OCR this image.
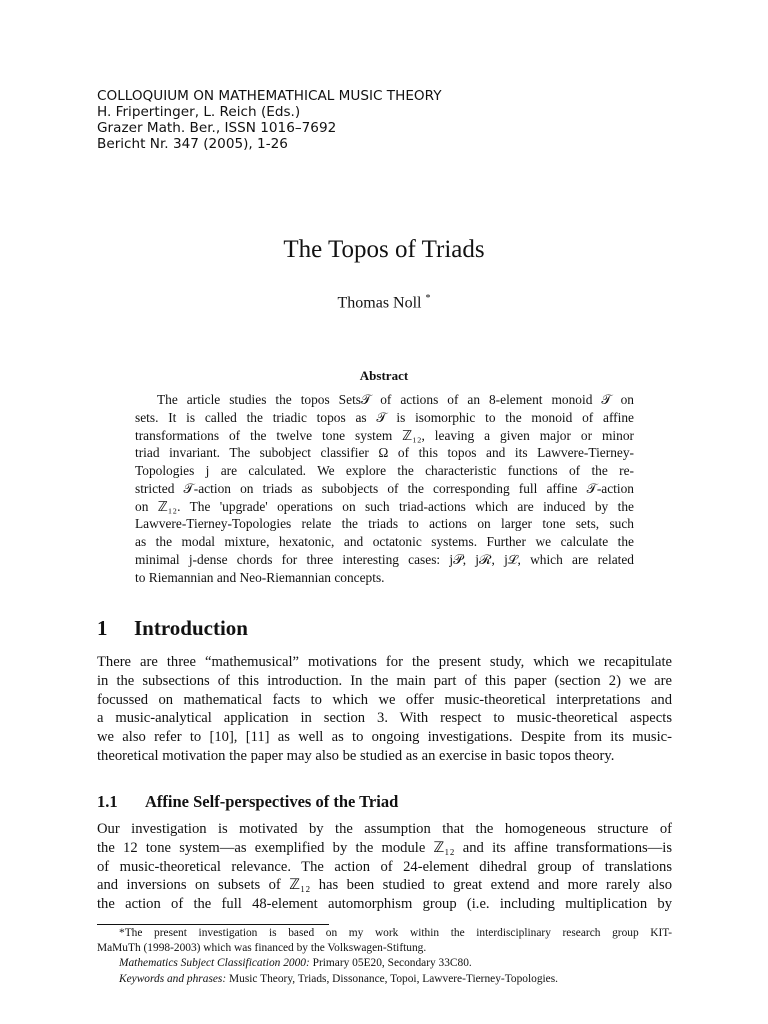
COLLOQUIUM ON MATHEMATHICAL MUSIC THEORY
H. Fripertinger, L. Reich (Eds.)
Grazer Math. Ber., ISSN 1016–7692
Bericht Nr. 347 (2005), 1-26
The Topos of Triads
Thomas Noll *
Abstract
The article studies the topos Sets𝒯 of actions of an 8-element monoid 𝒯 on
sets. It is called the triadic topos as 𝒯 is isomorphic to the monoid of affine
transformations of the twelve tone system ℤ₁₂, leaving a given major or minor
triad invariant. The subobject classifier Ω of this topos and its Lawvere-Tierney-
Topologies j are calculated. We explore the characteristic functions of the re-
stricted 𝒯-action on triads as subobjects of the corresponding full affine 𝒯-action
on ℤ₁₂. The 'upgrade' operations on such triad-actions which are induced by the
Lawvere-Tierney-Topologies relate the triads to actions on larger tone sets, such
as the modal mixture, hexatonic, and octatonic systems. Further we calculate the
minimal j-dense chords for three interesting cases: j𝒫, jℛ, jℒ, which are related
to Riemannian and Neo-Riemannian concepts.
1 Introduction
There are three “mathemusical” motivations for the present study, which we recapitulate
in the subsections of this introduction. In the main part of this paper (section 2) we are
focussed on mathematical facts to which we offer music-theoretical interpretations and
a music-analytical application in section 3. With respect to music-theoretical aspects
we also refer to [10], [11] as well as to ongoing investigations. Despite from its music-
theoretical motivation the paper may also be studied as an exercise in basic topos theory.
1.1 Affine Self-perspectives of the Triad
Our investigation is motivated by the assumption that the homogeneous structure of
the 12 tone system—as exemplified by the module ℤ₁₂ and its affine transformations—is
of music-theoretical relevance. The action of 24-element dihedral group of translations
and inversions on subsets of ℤ₁₂ has been studied to great extend and more rarely also
the action of the full 48-element automorphism group (i.e. including multiplication by
*The present investigation is based on my work within the interdisciplinary research group KIT-
MaMuTh (1998-2003) which was financed by the Volkswagen-Stiftung.
Mathematics Subject Classification 2000: Primary 05E20, Secondary 33C80.
Keywords and phrases: Music Theory, Triads, Dissonance, Topoi, Lawvere-Tierney-Topologies.
